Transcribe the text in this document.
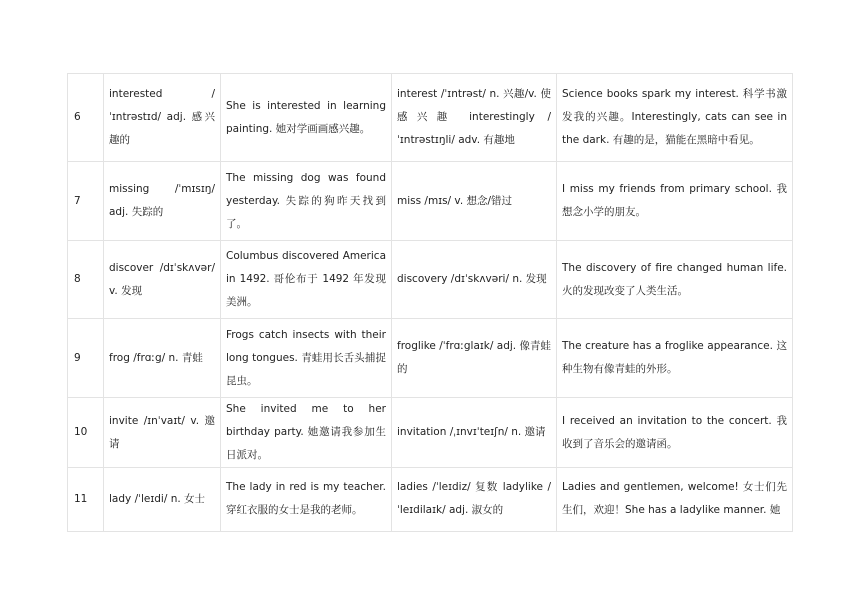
6	interested /ˈɪntrəstɪd/ adj. 感兴趣的	She is interested in learning painting. 她对学画画感兴趣。	interest /ˈɪntrəst/ n. 兴趣/v. 使感兴趣 interestingly /ˈɪntrəstɪŋli/ adv. 有趣地	Science books spark my interest. 科学书激发我的兴趣。Interestingly, cats can see in the dark. 有趣的是，猫能在黑暗中看见。
7	missing /ˈmɪsɪŋ/ adj. 失踪的	The missing dog was found yesterday. 失踪的狗昨天找到了。	miss /mɪs/ v. 想念/错过	I miss my friends from primary school. 我想念小学的朋友。
8	discover /dɪˈskʌvər/ v. 发现	Columbus discovered America in 1492. 哥伦布于 1492 年发现美洲。	discovery /dɪˈskʌvəri/ n. 发现	The discovery of fire changed human life. 火的发现改变了人类生活。
9	frog /frɑːg/ n. 青蛙	Frogs catch insects with their long tongues. 青蛙用长舌头捕捉昆虫。	froglike /ˈfrɑːglaɪk/ adj. 像青蛙的	The creature has a froglike appearance. 这种生物有像青蛙的外形。
10	invite /ɪnˈvaɪt/ v. 邀请	She invited me to her birthday party. 她邀请我参加生日派对。	invitation /ˌɪnvɪˈteɪʃn/ n. 邀请	I received an invitation to the concert. 我收到了音乐会的邀请函。
11	lady /ˈleɪdi/ n. 女士	The lady in red is my teacher. 穿红衣服的女士是我的老师。	ladies /ˈleɪdiz/ 复数 ladylike /ˈleɪdilaɪk/ adj. 淑女的	Ladies and gentlemen, welcome! 女士们先生们，欢迎！She has a ladylike manner. 她
